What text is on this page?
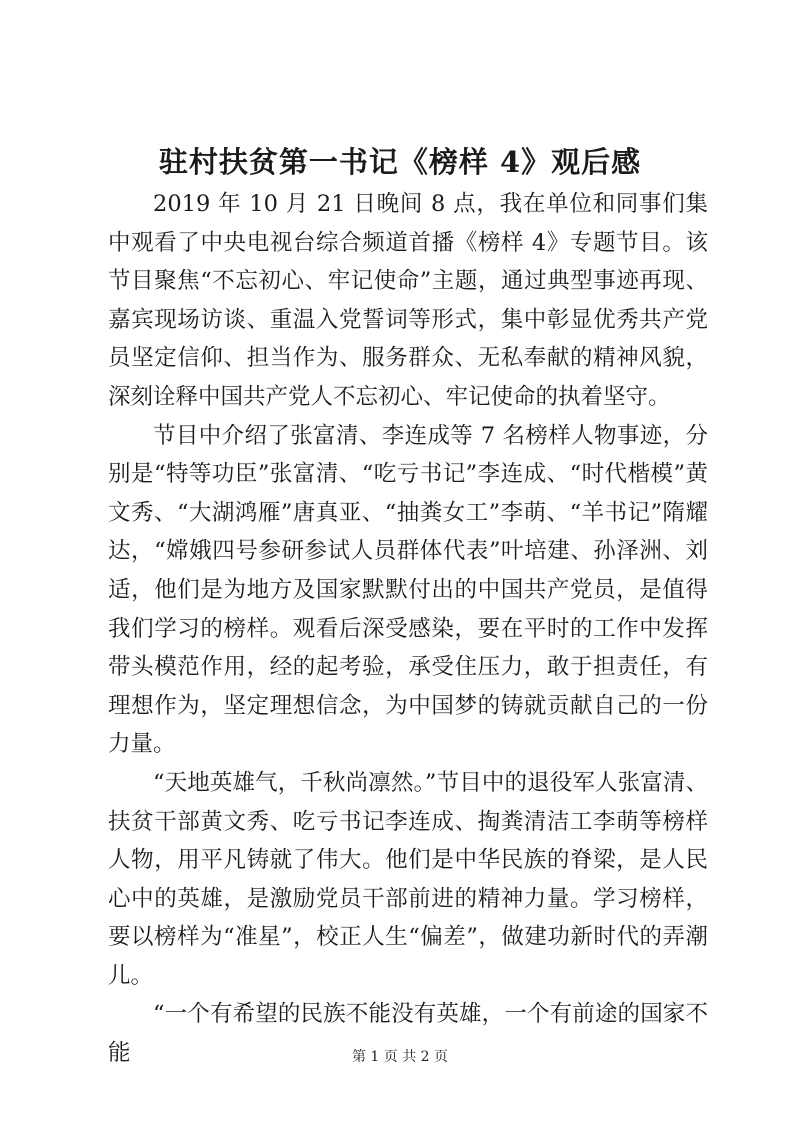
驻村扶贫第一书记《榜样 4》观后感

2019 年 10 月 21 日晚间 8 点，我在单位和同事们集中观看了中央电视台综合频道首播《榜样 4》专题节目。该节目聚焦“不忘初心、牢记使命”主题，通过典型事迹再现、嘉宾现场访谈、重温入党誓词等形式，集中彰显优秀共产党员坚定信仰、担当作为、服务群众、无私奉献的精神风貌，深刻诠释中国共产党人不忘初心、牢记使命的执着坚守。

节目中介绍了张富清、李连成等 7 名榜样人物事迹，分别是“特等功臣”张富清、“吃亏书记”李连成、“时代楷模”黄文秀、“大湖鸿雁”唐真亚、“抽粪女工”李萌、“羊书记”隋耀达，“嫦娥四号参研参试人员群体代表”叶培建、孙泽洲、刘适，他们是为地方及国家默默付出的中国共产党员，是值得我们学习的榜样。观看后深受感染，要在平时的工作中发挥带头模范作用，经的起考验，承受住压力，敢于担责任，有理想作为，坚定理想信念，为中国梦的铸就贡献自己的一份力量。

“天地英雄气，千秋尚凛然。”节目中的退役军人张富清、扶贫干部黄文秀、吃亏书记李连成、掏粪清洁工李萌等榜样人物，用平凡铸就了伟大。他们是中华民族的脊梁，是人民心中的英雄，是激励党员干部前进的精神力量。学习榜样，要以榜样为“准星”，校正人生“偏差”，做建功新时代的弄潮儿。

“一个有希望的民族不能没有英雄，一个有前途的国家不能	第 1 页 共 2 页
